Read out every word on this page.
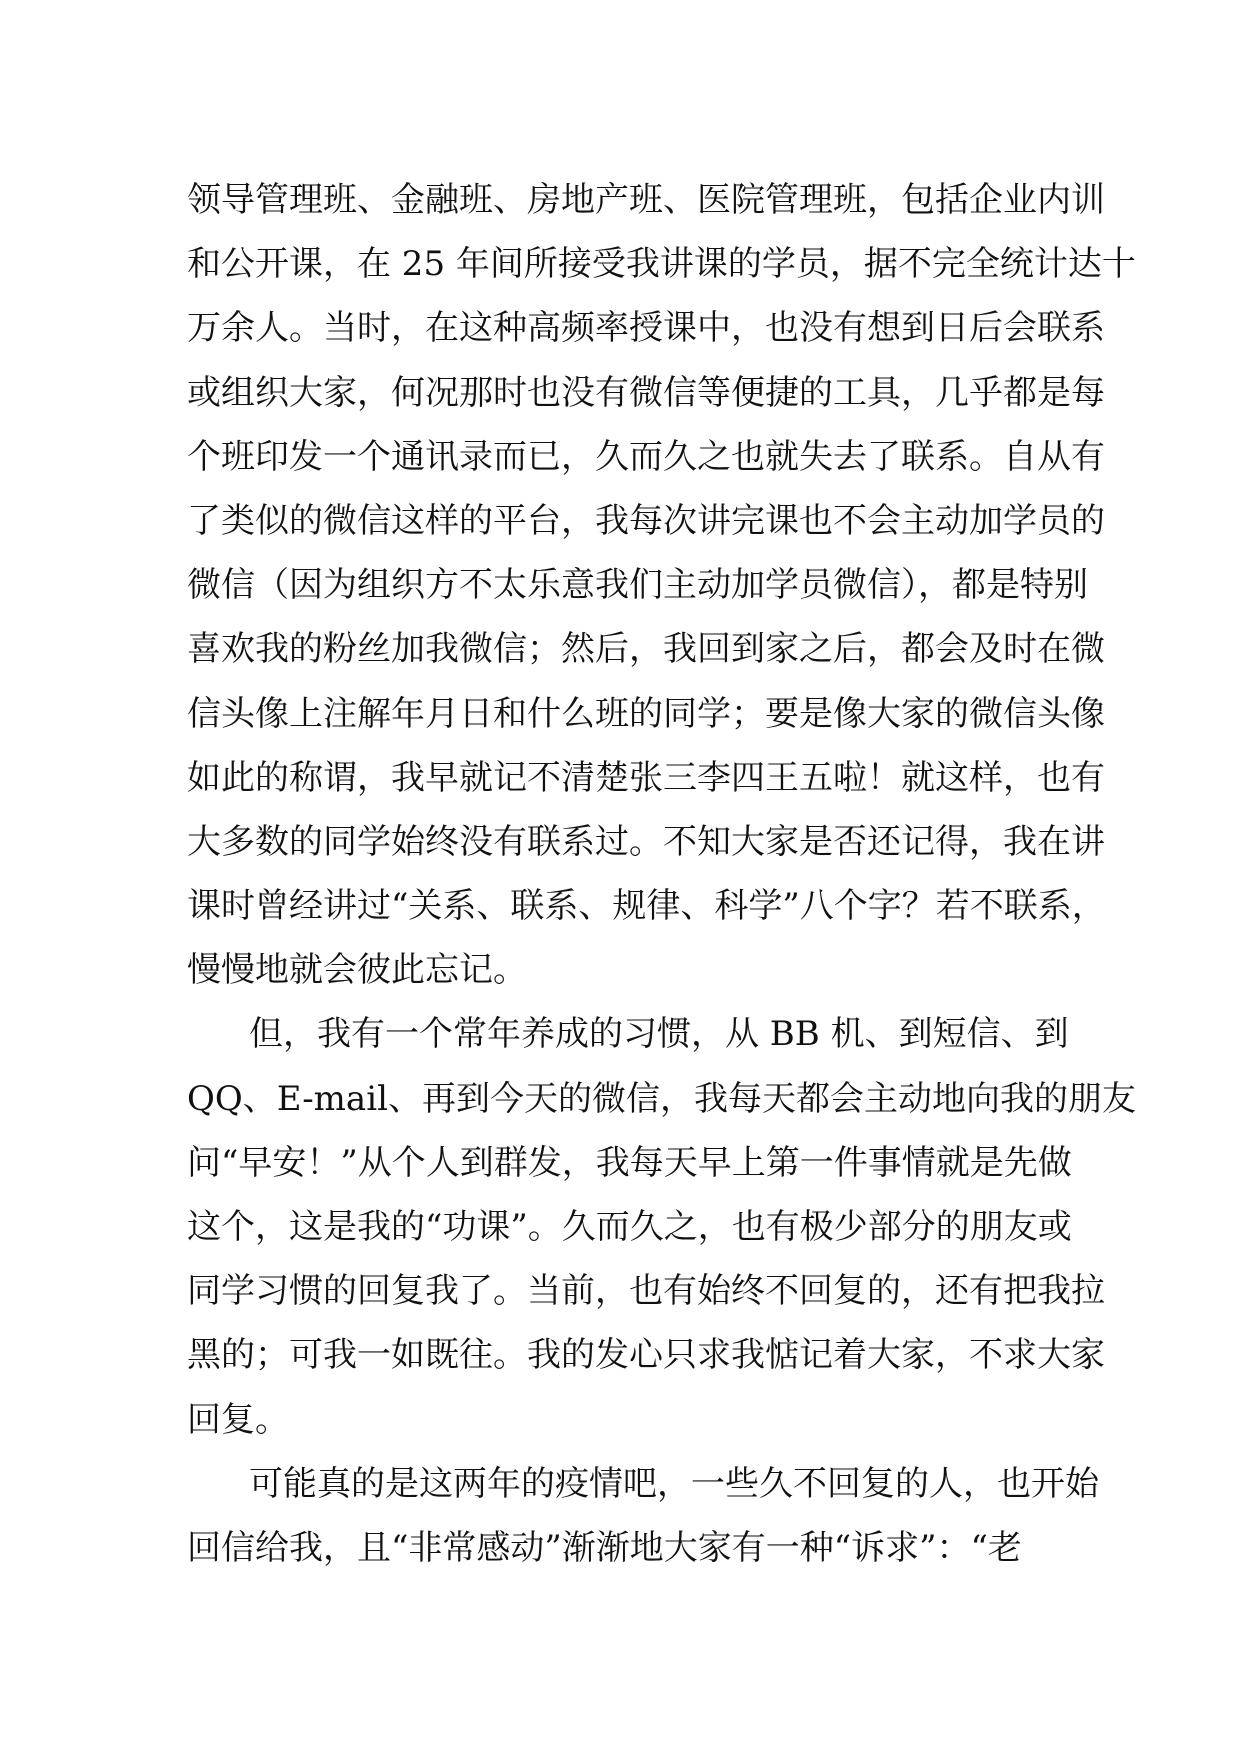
领导管理班、金融班、房地产班、医院管理班，包括企业内训
和公开课，在 25 年间所接受我讲课的学员，据不完全统计达十
万余人。当时，在这种高频率授课中，也没有想到日后会联系
或组织大家，何况那时也没有微信等便捷的工具，几乎都是每
个班印发一个通讯录而已，久而久之也就失去了联系。自从有
了类似的微信这样的平台，我每次讲完课也不会主动加学员的
微信（因为组织方不太乐意我们主动加学员微信），都是特别
喜欢我的粉丝加我微信；然后，我回到家之后，都会及时在微
信头像上注解年月日和什么班的同学；要是像大家的微信头像
如此的称谓，我早就记不清楚张三李四王五啦！就这样，也有
大多数的同学始终没有联系过。不知大家是否还记得，我在讲
课时曾经讲过“关系、联系、规律、科学”八个字？若不联系，
慢慢地就会彼此忘记。
但，我有一个常年养成的习惯，从 BB 机、到短信、到
QQ、E-mail、再到今天的微信，我每天都会主动地向我的朋友
问“早安！”从个人到群发，我每天早上第一件事情就是先做
这个，这是我的“功课”。久而久之，也有极少部分的朋友或
同学习惯的回复我了。当前，也有始终不回复的，还有把我拉
黑的；可我一如既往。我的发心只求我惦记着大家，不求大家
回复。
可能真的是这两年的疫情吧，一些久不回复的人，也开始
回信给我，且“非常感动”渐渐地大家有一种“诉求”：“老
